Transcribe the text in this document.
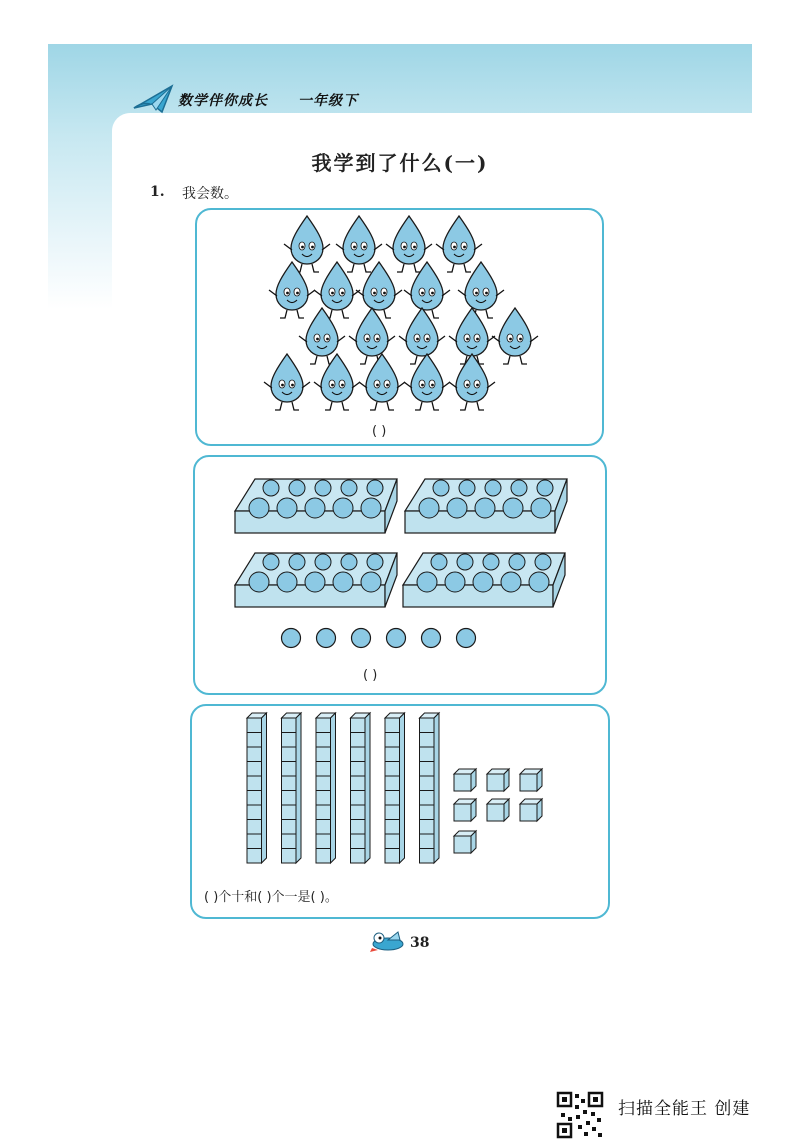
数学伴你成长 一年级下
我学到了什么(一)
1. 我会数。
( )
( )
( )个十和( )个一是( )。
38
扫描全能王 创建
